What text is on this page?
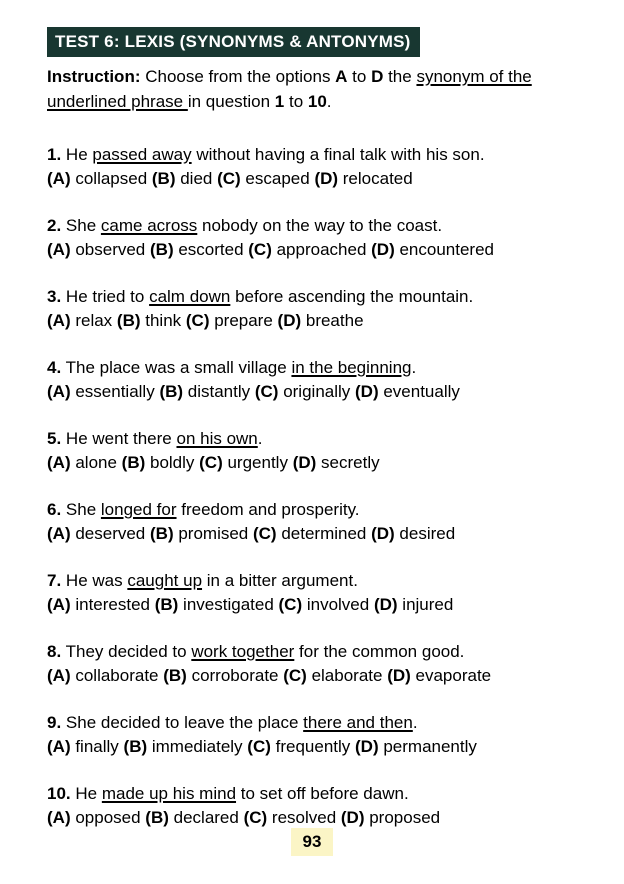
TEST 6: LEXIS (SYNONYMS & ANTONYMS)

Instruction: Choose from the options A to D the synonym of the
underlined phrase in question 1 to 10.

1. He passed away without having a final talk with his son.

(A) collapsed (B) died (C) escaped (D) relocated

2. She came across nobody on the way to the coast.

(A) observed (B) escorted (C) approached (D) encountered

3. He tried to calm down before ascending the mountain.

(A) relax (B) think (C) prepare (D) breathe

4. The place was a small village in the beginning.

(A) essentially (B) distantly (C) originally (D) eventually

5. He went there on his own.

(A) alone (B) boldly (C) urgently (D) secretly

6. She longed for freedom and prosperity.

(A) deserved (B) promised (C) determined (D) desired

7. He was caught up in a bitter argument.

(A) interested (B) investigated (C) involved (D) injured

8. They decided to work together for the common good.

(A) collaborate (B) corroborate (C) elaborate (D) evaporate

9. She decided to leave the place there and then.

(A) finally (B) immediately (C) frequently (D) permanently

10. He made up his mind to set off before dawn.

(A) opposed (B) declared (C) resolved (D) proposed

93
